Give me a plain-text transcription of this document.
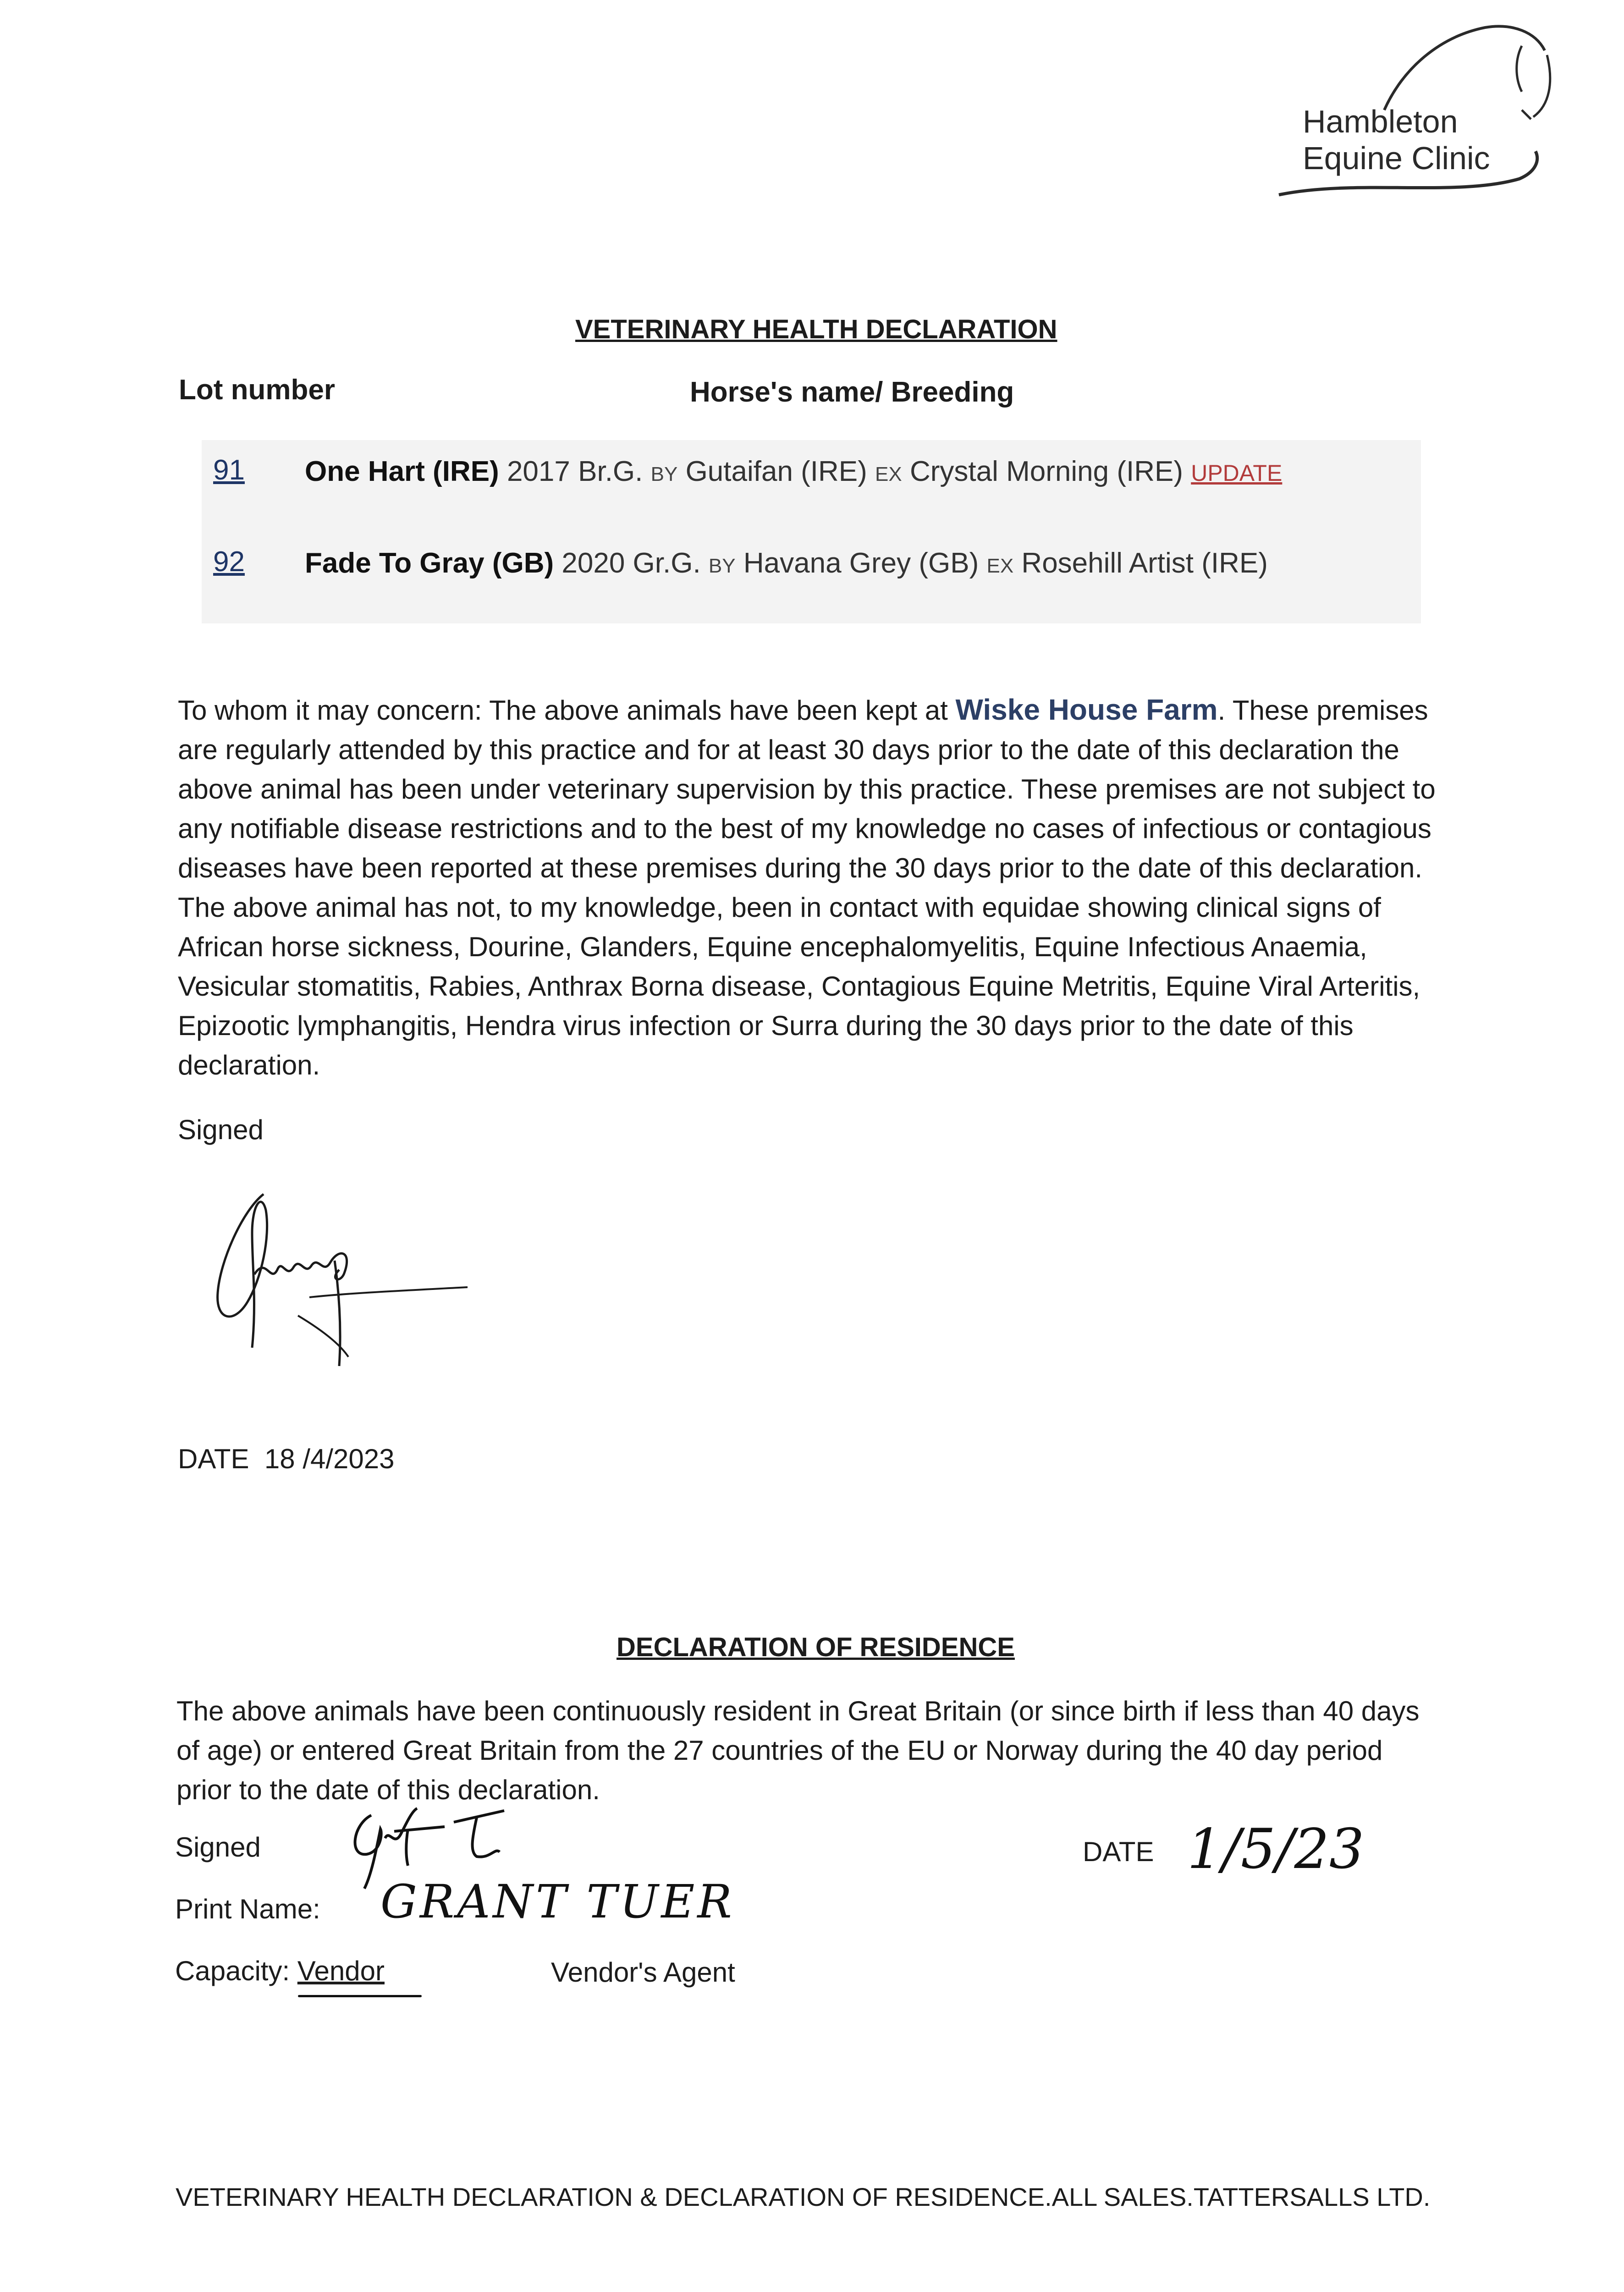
Hambleton
Equine Clinic
VETERINARY HEALTH DECLARATION
Lot number	Horse's name/ Breeding
91 One Hart (IRE) 2017 Br.G. BY Gutaifan (IRE) EX Crystal Morning (IRE) UPDATE
92 Fade To Gray (GB) 2020 Gr.G. BY Havana Grey (GB) EX Rosehill Artist (IRE)
To whom it may concern: The above animals have been kept at Wiske House Farm. These premises are regularly attended by this practice and for at least 30 days prior to the date of this declaration the above animal has been under veterinary supervision by this practice. These premises are not subject to any notifiable disease restrictions and to the best of my knowledge no cases of infectious or contagious diseases have been reported at these premises during the 30 days prior to the date of this declaration. The above animal has not, to my knowledge, been in contact with equidae showing clinical signs of African horse sickness, Dourine, Glanders, Equine encephalomyelitis, Equine Infectious Anaemia, Vesicular stomatitis, Rabies, Anthrax Borna disease, Contagious Equine Metritis, Equine Viral Arteritis, Epizootic lymphangitis, Hendra virus infection or Surra during the 30 days prior to the date of this declaration.
Signed
DATE 18 /4/2023
DECLARATION OF RESIDENCE
The above animals have been continuously resident in Great Britain (or since birth if less than 40 days of age) or entered Great Britain from the 27 countries of the EU or Norway during the 40 day period prior to the date of this declaration.
Signed	DATE 1/5/23
Print Name: GRANT TUER
Capacity: Vendor	Vendor's Agent
VETERINARY HEALTH DECLARATION & DECLARATION OF RESIDENCE.ALL SALES.TATTERSALLS LTD.
